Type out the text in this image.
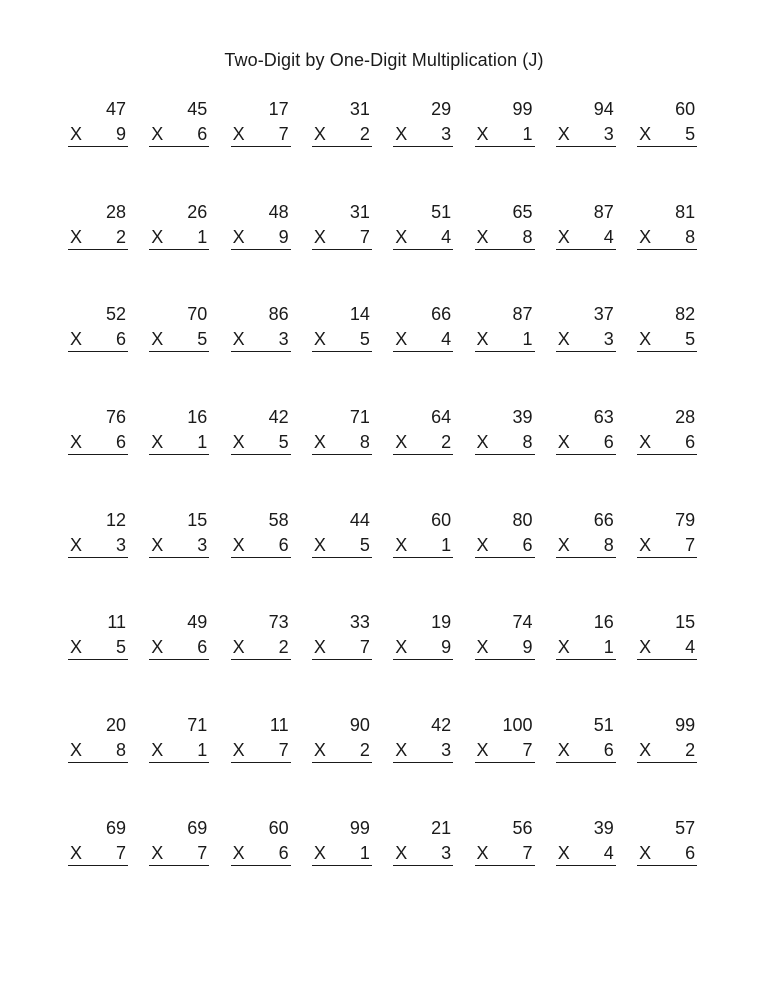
Two-Digit by One-Digit Multiplication (J)
47
X 9
45
X 6
17
X 7
31
X 2
29
X 3
99
X 1
94
X 3
60
X 5
28
X 2
26
X 1
48
X 9
31
X 7
51
X 4
65
X 8
87
X 4
81
X 8
52
X 6
70
X 5
86
X 3
14
X 5
66
X 4
87
X 1
37
X 3
82
X 5
76
X 6
16
X 1
42
X 5
71
X 8
64
X 2
39
X 8
63
X 6
28
X 6
12
X 3
15
X 3
58
X 6
44
X 5
60
X 1
80
X 6
66
X 8
79
X 7
11
X 5
49
X 6
73
X 2
33
X 7
19
X 9
74
X 9
16
X 1
15
X 4
20
X 8
71
X 1
11
X 7
90
X 2
42
X 3
100
X 7
51
X 6
99
X 2
69
X 7
69
X 7
60
X 6
99
X 1
21
X 3
56
X 7
39
X 4
57
X 6
